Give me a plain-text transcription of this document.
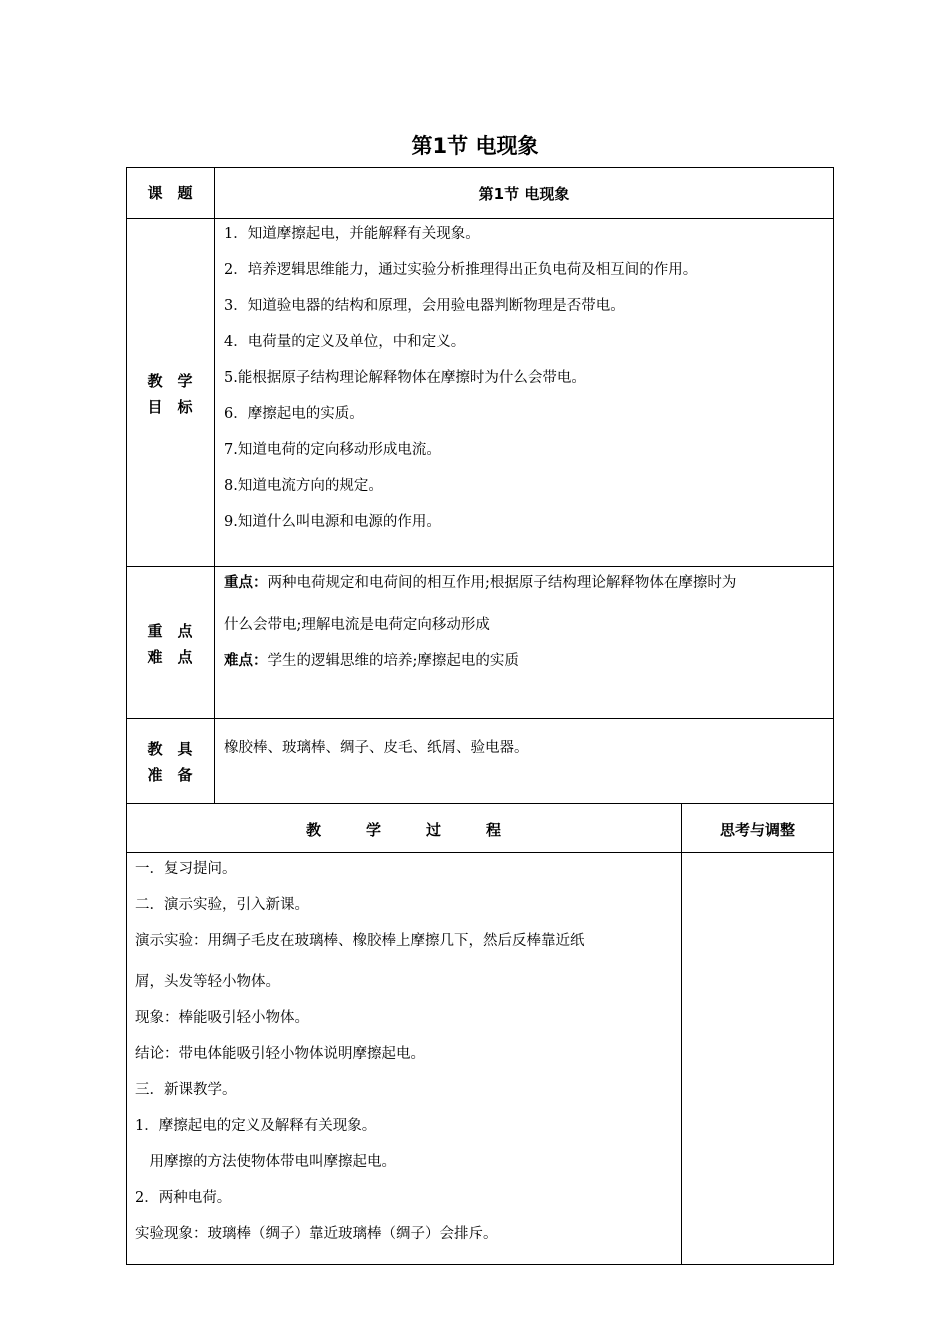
第1节 电现象
课　题	第1节 电现象
教　学
目　标
1．知道摩擦起电，并能解释有关现象。
2．培养逻辑思维能力，通过实验分析推理得出正负电荷及相互间的作用。
3．知道验电器的结构和原理，会用验电器判断物理是否带电。
4．电荷量的定义及单位，中和定义。
5.能根据原子结构理论解释物体在摩擦时为什么会带电。
6．摩擦起电的实质。
7.知道电荷的定向移动形成电流。
8.知道电流方向的规定。
9.知道什么叫电源和电源的作用。
重　点
难　点
重点：两种电荷规定和电荷间的相互作用;根据原子结构理论解释物体在摩擦时为
什么会带电;理解电流是电荷定向移动形成
难点：学生的逻辑思维的培养;摩擦起电的实质
教　具
准　备
橡胶棒、玻璃棒、绸子、皮毛、纸屑、验电器。
教　　　学　　　过　　　程	思考与调整
一．复习提问。
二．演示实验，引入新课。
演示实验：用绸子毛皮在玻璃棒、橡胶棒上摩擦几下，然后反棒靠近纸
屑，头发等轻小物体。
现象：棒能吸引轻小物体。
结论：带电体能吸引轻小物体说明摩擦起电。
三．新课教学。
1．摩擦起电的定义及解释有关现象。
　用摩擦的方法使物体带电叫摩擦起电。
2．两种电荷。
实验现象：玻璃棒（绸子）靠近玻璃棒（绸子）会排斥。
